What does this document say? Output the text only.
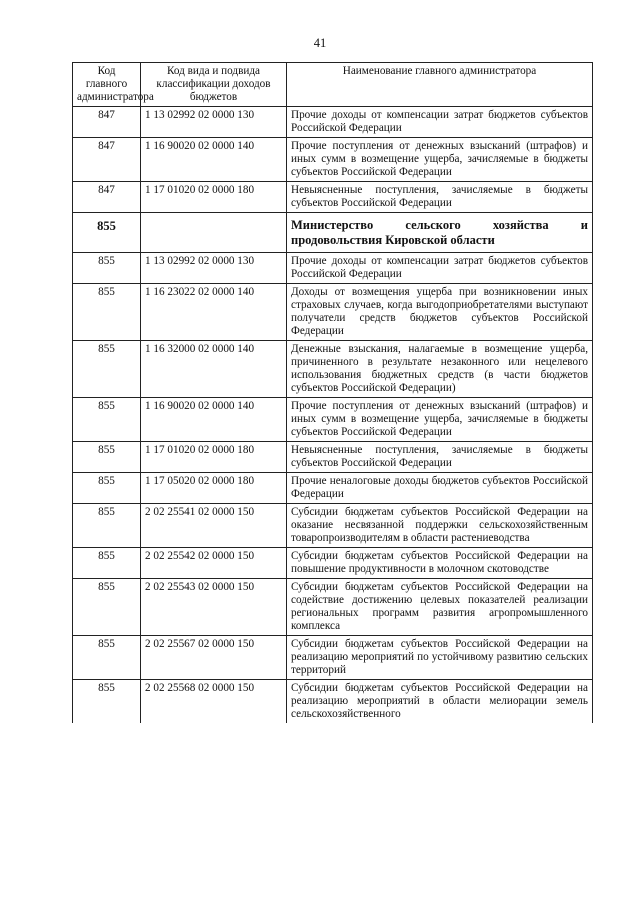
41
Код главного администратора	Код вида и подвида классификации доходов бюджетов	Наименование главного администратора
847	1 13 02992 02 0000 130	Прочие доходы от компенсации затрат бюджетов субъектов Российской Федерации
847	1 16 90020 02 0000 140	Прочие поступления от денежных взысканий (штрафов) и иных сумм в возмещение ущерба, зачисляемые в бюджеты субъектов Российской Федерации
847	1 17 01020 02 0000 180	Невыясненные поступления, зачисляемые в бюджеты субъектов Российской Федерации
855		Министерство сельского хозяйства и продовольствия Кировской области
855	1 13 02992 02 0000 130	Прочие доходы от компенсации затрат бюджетов субъектов Российской Федерации
855	1 16 23022 02 0000 140	Доходы от возмещения ущерба при возникновении иных страховых случаев, когда выгодоприобретателями выступают получатели средств бюджетов субъектов Российской Федерации
855	1 16 32000 02 0000 140	Денежные взыскания, налагаемые в возмещение ущерба, причиненного в результате незаконного или нецелевого использования бюджетных средств (в части бюджетов субъектов Российской Федерации)
855	1 16 90020 02 0000 140	Прочие поступления от денежных взысканий (штрафов) и иных сумм в возмещение ущерба, зачисляемые в бюджеты субъектов Российской Федерации
855	1 17 01020 02 0000 180	Невыясненные поступления, зачисляемые в бюджеты субъектов Российской Федерации
855	1 17 05020 02 0000 180	Прочие неналоговые доходы бюджетов субъектов Российской Федерации
855	2 02 25541 02 0000 150	Субсидии бюджетам субъектов Российской Федерации на оказание несвязанной поддержки сельскохозяйственным товаропроизводителям в области растениеводства
855	2 02 25542 02 0000 150	Субсидии бюджетам субъектов Российской Федерации на повышение продуктивности в молочном скотоводстве
855	2 02 25543 02 0000 150	Субсидии бюджетам субъектов Российской Федерации на содействие достижению целевых показателей реализации региональных программ развития агропромышленного комплекса
855	2 02 25567 02 0000 150	Субсидии бюджетам субъектов Российской Федерации на реализацию мероприятий по устойчивому развитию сельских территорий
855	2 02 25568 02 0000 150	Субсидии бюджетам субъектов Российской Федерации на реализацию мероприятий в области мелиорации земель сельскохозяйственного
